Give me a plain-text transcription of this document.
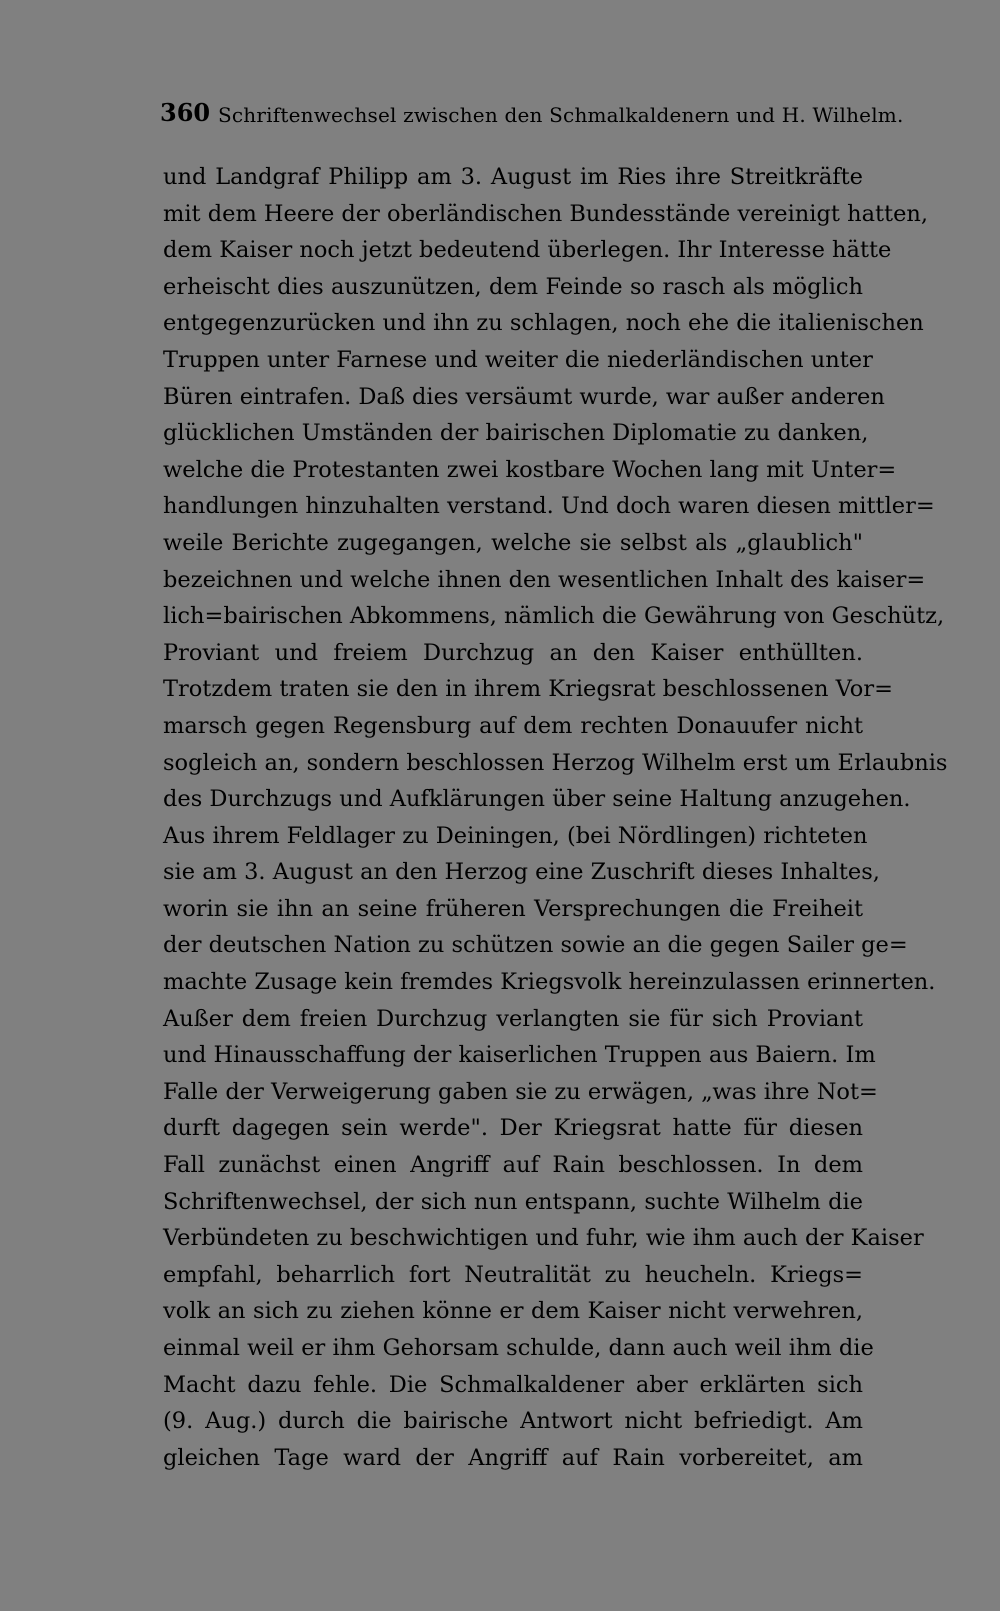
360 Schriftenwechsel zwischen den Schmalkaldenern und H. Wilhelm.
und Landgraf Philipp am 3. August im Ries ihre Streitkräfte
mit dem Heere der oberländischen Bundesstände vereinigt hatten,
dem Kaiser noch jetzt bedeutend überlegen. Ihr Interesse hätte
erheischt dies auszunützen, dem Feinde so rasch als möglich
entgegenzurücken und ihn zu schlagen, noch ehe die italienischen
Truppen unter Farnese und weiter die niederländischen unter
Büren eintrafen. Daß dies versäumt wurde, war außer anderen
glücklichen Umständen der bairischen Diplomatie zu danken,
welche die Protestanten zwei kostbare Wochen lang mit Unter=
handlungen hinzuhalten verstand. Und doch waren diesen mittler=
weile Berichte zugegangen, welche sie selbst als „glaublich"
bezeichnen und welche ihnen den wesentlichen Inhalt des kaiser=
lich=bairischen Abkommens, nämlich die Gewährung von Geschütz,
Proviant und freiem Durchzug an den Kaiser enthüllten.
Trotzdem traten sie den in ihrem Kriegsrat beschlossenen Vor=
marsch gegen Regensburg auf dem rechten Donauufer nicht
sogleich an, sondern beschlossen Herzog Wilhelm erst um Erlaubnis
des Durchzugs und Aufklärungen über seine Haltung anzugehen.
Aus ihrem Feldlager zu Deiningen, (bei Nördlingen) richteten
sie am 3. August an den Herzog eine Zuschrift dieses Inhaltes,
worin sie ihn an seine früheren Versprechungen die Freiheit
der deutschen Nation zu schützen sowie an die gegen Sailer ge=
machte Zusage kein fremdes Kriegsvolk hereinzulassen erinnerten.
Außer dem freien Durchzug verlangten sie für sich Proviant
und Hinausschaffung der kaiserlichen Truppen aus Baiern. Im
Falle der Verweigerung gaben sie zu erwägen, „was ihre Not=
durft dagegen sein werde". Der Kriegsrat hatte für diesen
Fall zunächst einen Angriff auf Rain beschlossen. In dem
Schriftenwechsel, der sich nun entspann, suchte Wilhelm die
Verbündeten zu beschwichtigen und fuhr, wie ihm auch der Kaiser
empfahl, beharrlich fort Neutralität zu heucheln. Kriegs=
volk an sich zu ziehen könne er dem Kaiser nicht verwehren,
einmal weil er ihm Gehorsam schulde, dann auch weil ihm die
Macht dazu fehle. Die Schmalkaldener aber erklärten sich
(9. Aug.) durch die bairische Antwort nicht befriedigt. Am
gleichen Tage ward der Angriff auf Rain vorbereitet, am
